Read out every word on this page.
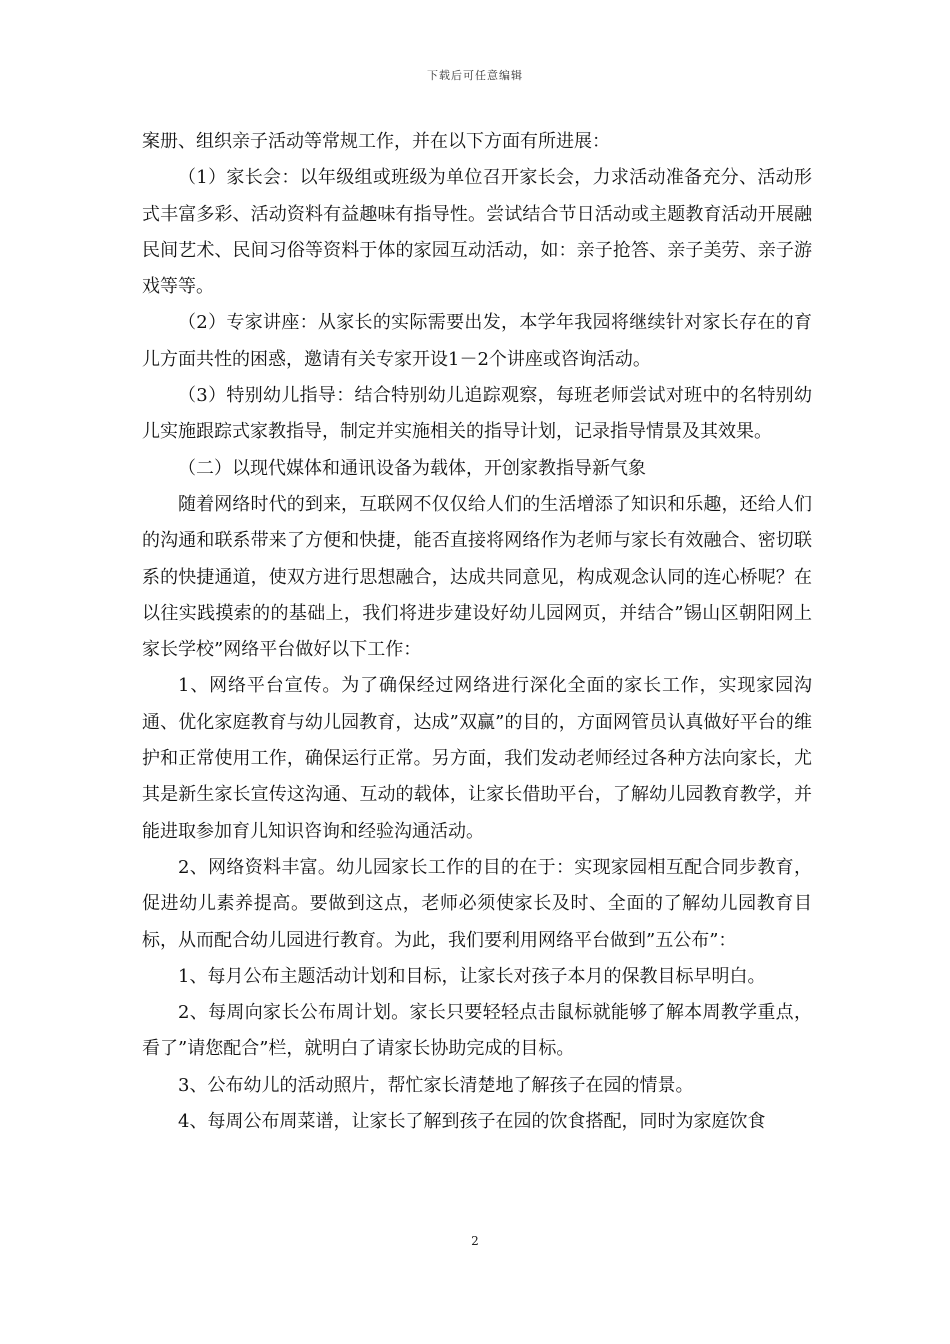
下载后可任意编辑

案册、组织亲子活动等常规工作，并在以下方面有所进展：

（1）家长会：以年级组或班级为单位召开家长会，力求活动准备充分、活动形式丰富多彩、活动资料有益趣味有指导性。尝试结合节日活动或主题教育活动开展融民间艺术、民间习俗等资料于体的家园互动活动，如：亲子抢答、亲子美劳、亲子游戏等等。

（2）专家讲座：从家长的实际需要出发，本学年我园将继续针对家长存在的育儿方面共性的困惑，邀请有关专家开设1－2个讲座或咨询活动。

（3）特别幼儿指导：结合特别幼儿追踪观察，每班老师尝试对班中的名特别幼儿实施跟踪式家教指导，制定并实施相关的指导计划，记录指导情景及其效果。

（二）以现代媒体和通讯设备为载体，开创家教指导新气象

随着网络时代的到来，互联网不仅仅给人们的生活增添了知识和乐趣，还给人们的沟通和联系带来了方便和快捷，能否直接将网络作为老师与家长有效融合、密切联系的快捷通道，使双方进行思想融合，达成共同意见，构成观念认同的连心桥呢？在以往实践摸索的的基础上，我们将进步建设好幼儿园网页，并结合”锡山区朝阳网上家长学校”网络平台做好以下工作：

1、网络平台宣传。为了确保经过网络进行深化全面的家长工作，实现家园沟通、优化家庭教育与幼儿园教育，达成”双赢”的目的，方面网管员认真做好平台的维护和正常使用工作，确保运行正常。另方面，我们发动老师经过各种方法向家长，尤其是新生家长宣传这沟通、互动的载体，让家长借助平台，了解幼儿园教育教学，并能进取参加育儿知识咨询和经验沟通活动。

2、网络资料丰富。幼儿园家长工作的目的在于：实现家园相互配合同步教育，促进幼儿素养提高。要做到这点，老师必须使家长及时、全面的了解幼儿园教育目标，从而配合幼儿园进行教育。为此，我们要利用网络平台做到”五公布”：

1、每月公布主题活动计划和目标，让家长对孩子本月的保教目标早明白。

2、每周向家长公布周计划。家长只要轻轻点击鼠标就能够了解本周教学重点，看了”请您配合”栏，就明白了请家长协助完成的目标。

3、公布幼儿的活动照片，帮忙家长清楚地了解孩子在园的情景。

4、每周公布周菜谱，让家长了解到孩子在园的饮食搭配，同时为家庭饮食

2
